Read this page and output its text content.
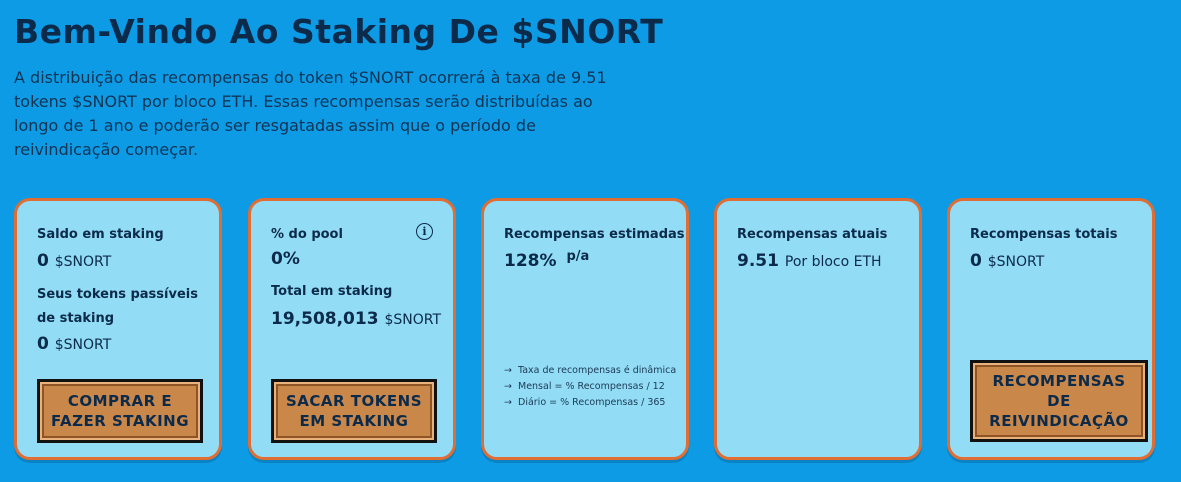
Bem-Vindo Ao Staking De $SNORT

A distribuição das recompensas do token $SNORT ocorrerá à taxa de 9.51 tokens $SNORT por bloco ETH. Essas recompensas serão distribuídas ao longo de 1 ano e poderão ser resgatadas assim que o período de reivindicação começar.

Saldo em staking
0 $SNORT
Seus tokens passíveis de staking
0 $SNORT
COMPRAR E FAZER STAKING
% do pool	i
0%
Total em staking
19,508,013 $SNORT
SACAR TOKENS EM STAKING
Recompensas estimadas
128% $^{p/a}$
→ Taxa de recompensas é dinâmica
→ Mensal = % Recompensas / 12
→ Diário = % Recompensas / 365
Recompensas atuais
9.51 Por bloco ETH
Recompensas totais
0 $SNORT
RECOMPENSAS DE REIVINDICAÇÃO
